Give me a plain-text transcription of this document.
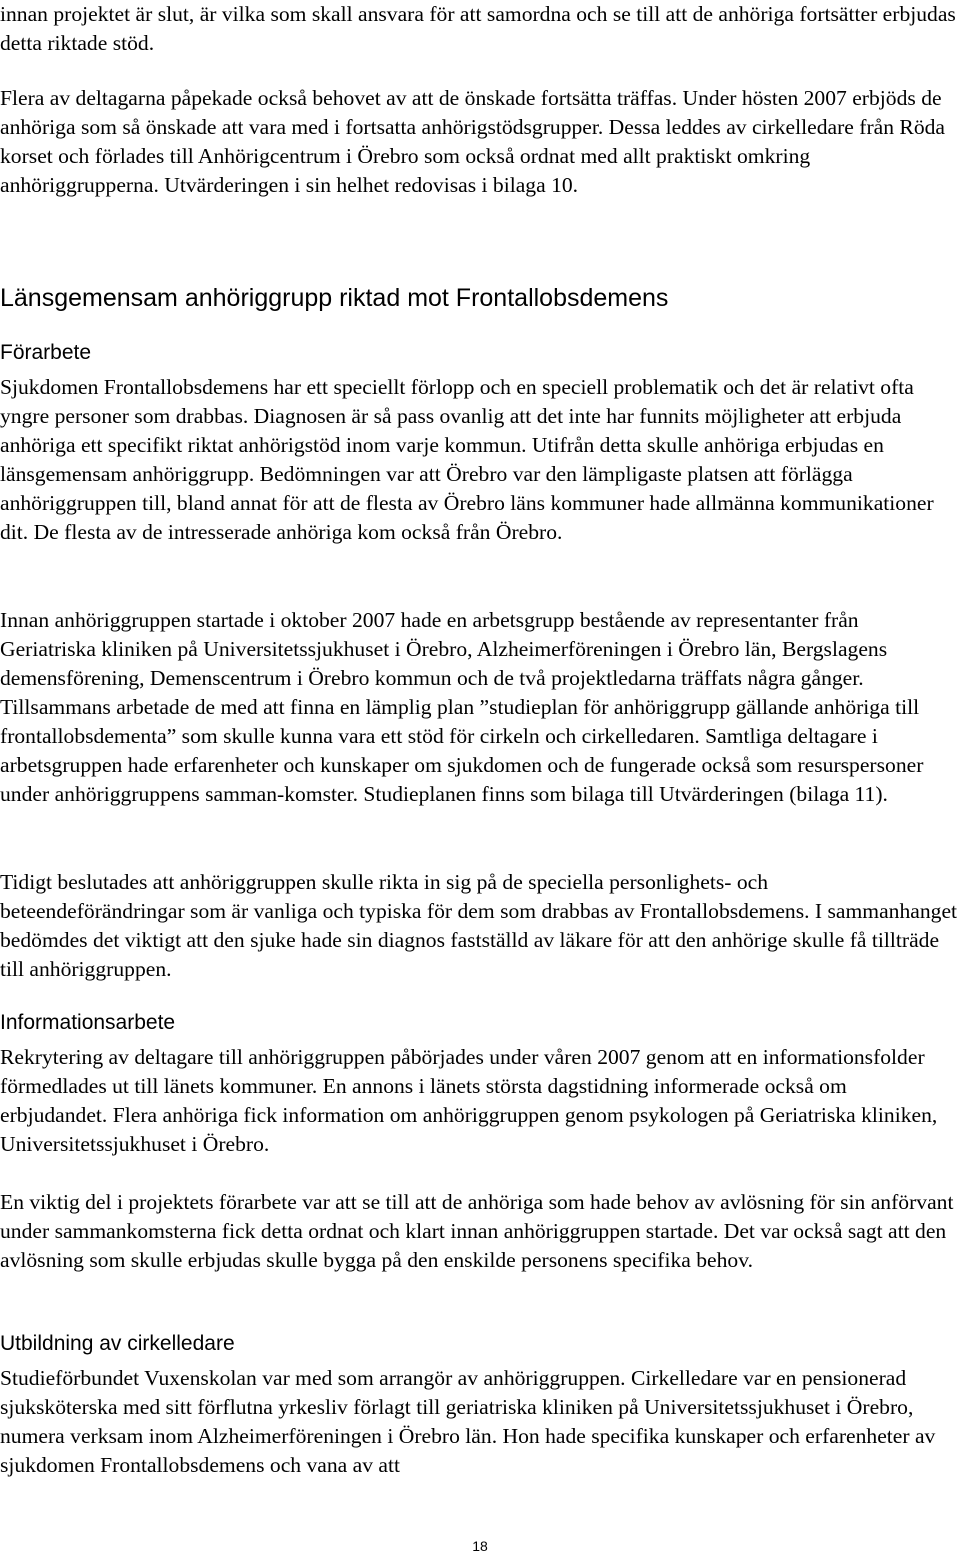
innan projektet är slut, är vilka som skall ansvara för att samordna och se till att de anhöriga fortsätter erbjudas detta riktade stöd.

Flera av deltagarna påpekade också behovet av att de önskade fortsätta träffas. Under hösten 2007 erbjöds de anhöriga som så önskade att vara med i fortsatta anhörigstödsgrupper. Dessa leddes av cirkelledare från Röda korset och förlades till Anhörigcentrum i Örebro som också ordnat med allt praktiskt omkring anhöriggrupperna. Utvärderingen i sin helhet redovisas i bilaga 10.

Länsgemensam anhöriggrupp riktad mot Frontallobsdemens
Förarbete

Sjukdomen Frontallobsdemens har ett speciellt förlopp och en speciell problematik och det är relativt ofta yngre personer som drabbas. Diagnosen är så pass ovanlig att det inte har funnits möjligheter att erbjuda anhöriga ett specifikt riktat anhörigstöd inom varje kommun. Utifrån detta skulle anhöriga erbjudas en länsgemensam anhöriggrupp. Bedömningen var att Örebro var den lämpligaste platsen att förlägga anhöriggruppen till, bland annat för att de flesta av Örebro läns kommuner hade allmänna kommunikationer dit. De flesta av de intresserade anhöriga kom också från Örebro.

Innan anhöriggruppen startade i oktober 2007 hade en arbetsgrupp bestående av representanter från Geriatriska kliniken på Universitetssjukhuset i Örebro, Alzheimerföreningen i Örebro län, Bergslagens demensförening, Demenscentrum i Örebro kommun och de två projektledarna träffats några gånger. Tillsammans arbetade de med att finna en lämplig plan ”studieplan för anhöriggrupp gällande anhöriga till frontallobsdementa” som skulle kunna vara ett stöd för cirkeln och cirkelledaren. Samtliga deltagare i arbetsgruppen hade erfarenheter och kunskaper om sjukdomen och de fungerade också som resurspersoner under anhöriggruppens samman-komster. Studieplanen finns som bilaga till Utvärderingen (bilaga 11).

Tidigt beslutades att anhöriggruppen skulle rikta in sig på de speciella personlighets- och beteendeförändringar som är vanliga och typiska för dem som drabbas av Frontallobsdemens. I sammanhanget bedömdes det viktigt att den sjuke hade sin diagnos fastställd av läkare för att den anhörige skulle få tillträde till anhöriggruppen.

Informationsarbete

Rekrytering av deltagare till anhöriggruppen påbörjades under våren 2007 genom att en informationsfolder förmedlades ut till länets kommuner. En annons i länets största dagstidning informerade också om erbjudandet. Flera anhöriga fick information om anhöriggruppen genom psykologen på Geriatriska kliniken, Universitetssjukhuset i Örebro.

En viktig del i projektets förarbete var att se till att de anhöriga som hade behov av avlösning för sin anförvant under sammankomsterna fick detta ordnat och klart innan anhöriggruppen startade. Det var också sagt att den avlösning som skulle erbjudas skulle bygga på den enskilde personens specifika behov.

Utbildning av cirkelledare

Studieförbundet Vuxenskolan var med som arrangör av anhöriggruppen. Cirkelledare var en pensionerad sjuksköterska med sitt förflutna yrkesliv förlagt till geriatriska kliniken på Universitetssjukhuset i Örebro, numera verksam inom Alzheimerföreningen i Örebro län. Hon hade specifika kunskaper och erfarenheter av sjukdomen Frontallobsdemens och vana av att

18
